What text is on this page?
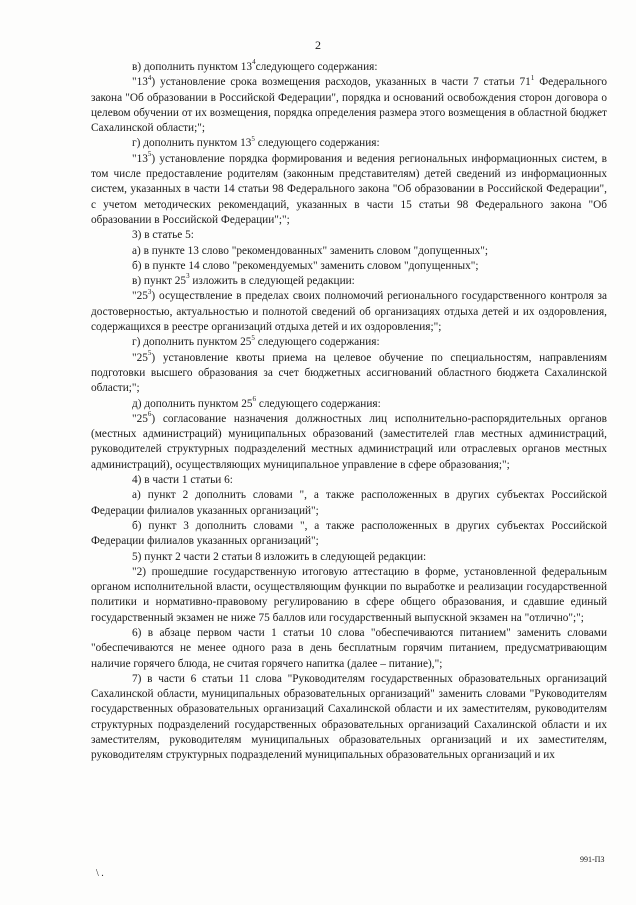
2

в) дополнить пунктом $13^4следующего$ содержания:

"$13^4$) установление срока возмещения расходов, указанных в части 7 статьи $71^1$ Федерального закона "Об образовании в Российской Федерации", порядка и оснований освобождения сторон договора о целевом обучении от их возмещения, порядка определения размера этого возмещения в областной бюджет Сахалинской области;";

г) дополнить пунктом $13^5$ следующего содержания:

"$13^5$) установление порядка формирования и ведения региональных информационных систем, в том числе предоставление родителям (законным представителям) детей сведений из информационных систем, указанных в части 14 статьи 98 Федерального закона "Об образовании в Российской Федерации", с учетом методических рекомендаций, указанных в части 15 статьи 98 Федерального закона "Об образовании в Российской Федерации";";

3) в статье 5:

а) в пункте 13 слово "рекомендованных" заменить словом "допущенных";

б) в пункте 14 слово "рекомендуемых" заменить словом "допущенных";

в) пункт $25^3$ изложить в следующей редакции:

"$25^3$) осуществление в пределах своих полномочий регионального государственного контроля за достоверностью, актуальностью и полнотой сведений об организациях отдыха детей и их оздоровления, содержащихся в реестре организаций отдыха детей и их оздоровления;";

г) дополнить пунктом $25^5$ следующего содержания:

"$25^5$) установление квоты приема на целевое обучение по специальностям, направлениям подготовки высшего образования за счет бюджетных ассигнований областного бюджета Сахалинской области;";

д) дополнить пунктом $25^6$ следующего содержания:

"$25^6$) согласование назначения должностных лиц исполнительно-распорядительных органов (местных администраций) муниципальных образований (заместителей глав местных администраций, руководителей структурных подразделений местных администраций или отраслевых органов местных администраций), осуществляющих муниципальное управление в сфере образования;";

4) в части 1 статьи 6:

а) пункт 2 дополнить словами ", а также расположенных в других субъектах Российской Федерации филиалов указанных организаций";

б) пункт 3 дополнить словами ", а также расположенных в других субъектах Российской Федерации филиалов указанных организаций";

5) пункт 2 части 2 статьи 8 изложить в следующей редакции:

"2) прошедшие государственную итоговую аттестацию в форме, установленной федеральным органом исполнительной власти, осуществляющим функции по выработке и реализации государственной политики и нормативно-правовому регулированию в сфере общего образования, и сдавшие единый государственный экзамен не ниже 75 баллов или государственный выпускной экзамен на "отлично";";

6) в абзаце первом части 1 статьи 10 слова "обеспечиваются питанием" заменить словами "обеспечиваются не менее одного раза в день бесплатным горячим питанием, предусматривающим наличие горячего блюда, не считая горячего напитка (далее – питание),";

7) в части 6 статьи 11 слова "Руководителям государственных образовательных организаций Сахалинской области, муниципальных образовательных организаций" заменить словами "Руководителям государственных образовательных организаций Сахалинской области и их заместителям, руководителям структурных подразделений государственных образовательных организаций Сахалинской области и их заместителям, руководителям муниципальных образовательных организаций и их заместителям, руководителям структурных подразделений муниципальных образовательных организаций и их

991-ПЗ
\ .
